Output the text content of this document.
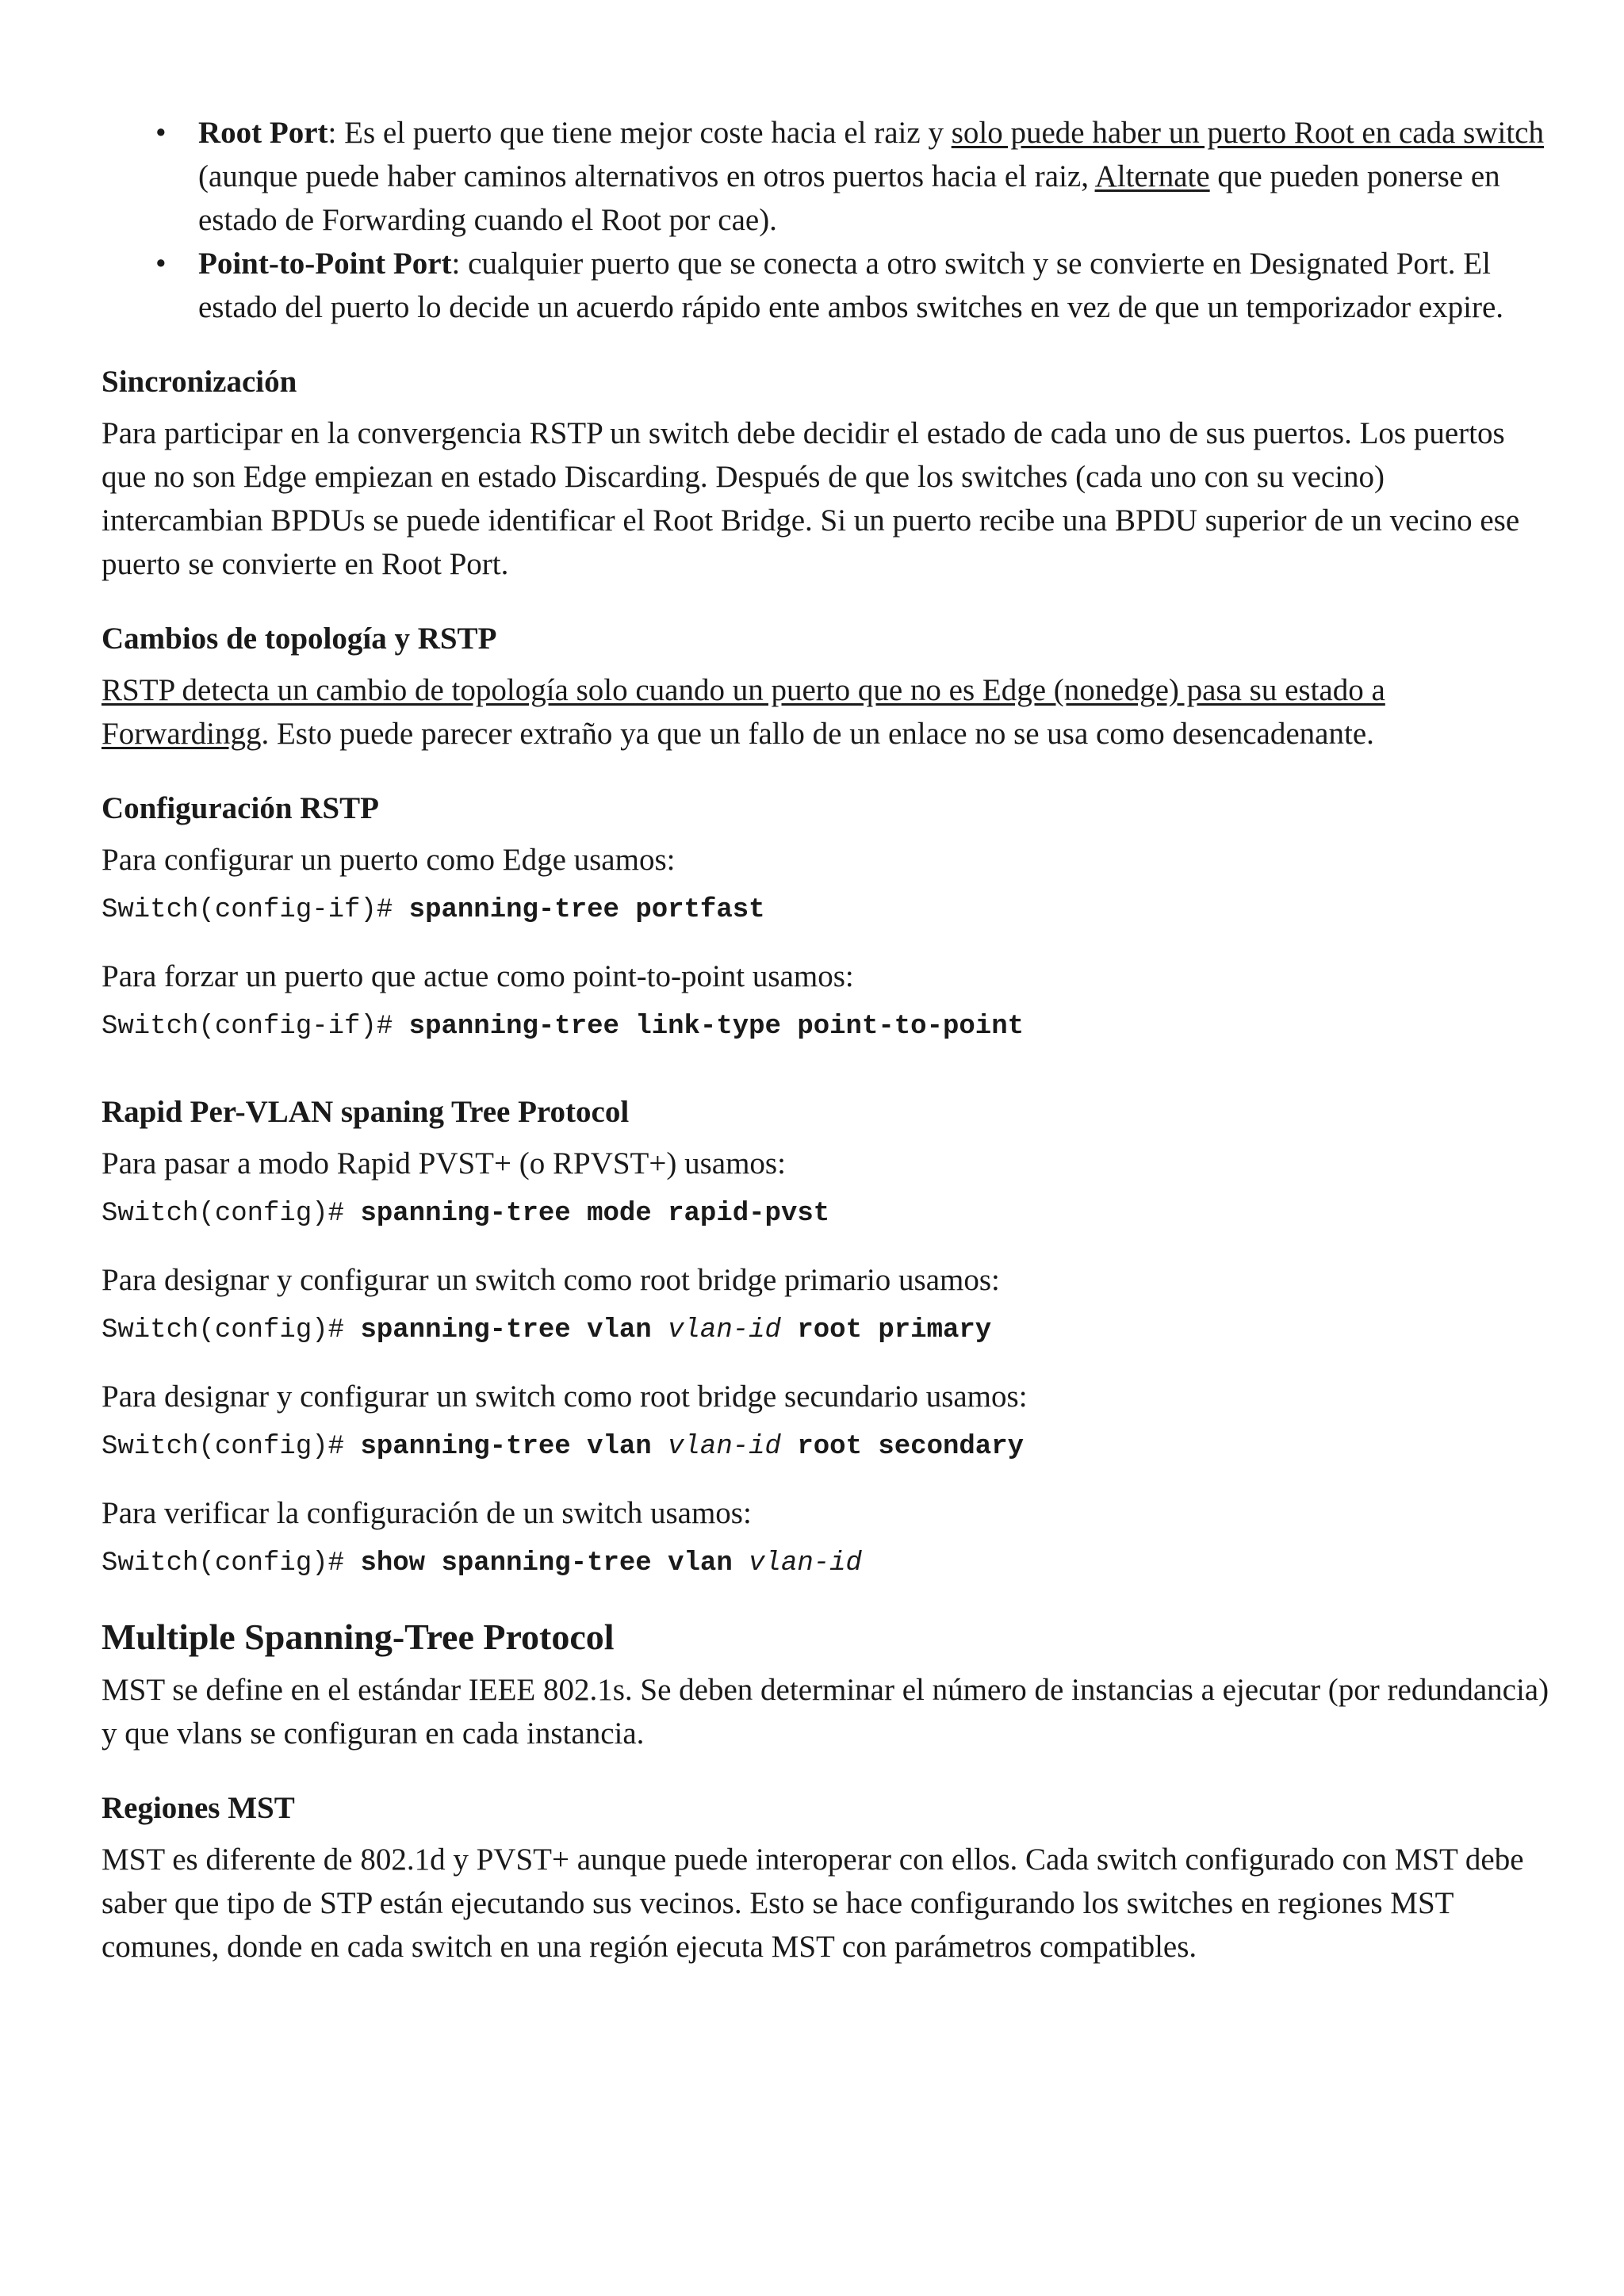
• Root Port: Es el puerto que tiene mejor coste hacia el raiz y solo puede haber un puerto Root en cada switch (aunque puede haber caminos alternativos en otros puertos hacia el raiz, Alternate que pueden ponerse en estado de Forwarding cuando el Root por cae).
• Point-to-Point Port: cualquier puerto que se conecta a otro switch y se convierte en Designated Port. El estado del puerto lo decide un acuerdo rápido ente ambos switches en vez de que un temporizador expire.

Sincronización

Para participar en la convergencia RSTP un switch debe decidir el estado de cada uno de sus puertos. Los puertos que no son Edge empiezan en estado Discarding. Después de que los switches (cada uno con su vecino) intercambian BPDUs se puede identificar el Root Bridge. Si un puerto recibe una BPDU superior de un vecino ese puerto se convierte en Root Port.

Cambios de topología y RSTP

RSTP detecta un cambio de topología solo cuando un puerto que no es Edge (nonedge) pasa su estado a Forwardingg. Esto puede parecer extraño ya que un fallo de un enlace no se usa como desencadenante.

Configuración RSTP

Para configurar un puerto como Edge usamos:

Switch(config-if)# spanning-tree portfast

Para forzar un puerto que actue como point-to-point usamos:

Switch(config-if)# spanning-tree link-type point-to-point

Rapid Per-VLAN spaning Tree Protocol

Para pasar a modo Rapid PVST+ (o RPVST+) usamos:

Switch(config)# spanning-tree mode rapid-pvst

Para designar y configurar un switch como root bridge primario usamos:

Switch(config)# spanning-tree vlan vlan-id root primary

Para designar y configurar un switch como root bridge secundario usamos:

Switch(config)# spanning-tree vlan vlan-id root secondary

Para verificar la configuración de un switch usamos:

Switch(config)# show spanning-tree vlan vlan-id

Multiple Spanning-Tree Protocol

MST se define en el estándar IEEE 802.1s. Se deben determinar el número de instancias a ejecutar (por redundancia) y que vlans se configuran en cada instancia.

Regiones MST

MST es diferente de 802.1d y PVST+ aunque puede interoperar con ellos. Cada switch configurado con MST debe saber que tipo de STP están ejecutando sus vecinos. Esto se hace configurando los switches en regiones MST comunes, donde en cada switch en una región ejecuta MST con parámetros compatibles.
